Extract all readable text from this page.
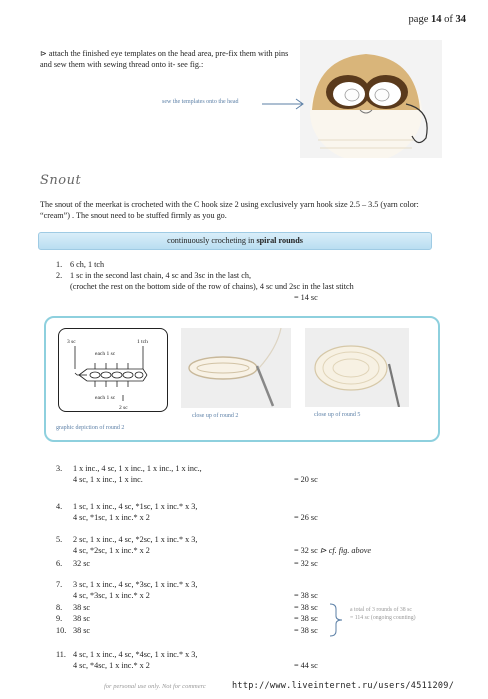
page 14 of 34
⊳ attach the finished eye templates on the head area, pre-fix them with pins and sew them with sewing thread onto it- see fig.:
sew the templates onto the head
Snout
The snout of the meerkat is crocheted with the C hook size 2 using exclusively yarn hook size 2.5 – 3.5 (yarn color: “cream”) . The snout need to be stuffed firmly as you go.
continuously crocheting in spiral rounds
1. 6 ch, 1 tch
2. 1 sc in the second last chain, 4 sc and 3sc in the last ch,
(crochet the rest on the bottom side of the row of chains), 4 sc und 2sc in the last stitch
= 14 sc
3 sc	1 tch
each 1 sc
each 1 sc
2 sc
graphic depiction of round 2
close up of round 2	close up of round 5
3. 1 x inc., 4 sc, 1 x inc., 1 x inc., 1 x inc.,
4 sc, 1 x inc., 1 x inc.	= 20 sc
4. 1 sc, 1 x inc., 4 sc, *1sc, 1 x inc.* x 3,
4 sc, *1sc, 1 x inc.* x 2	= 26 sc
5. 2 sc, 1 x inc., 4 sc, *2sc, 1 x inc.* x 3,
4 sc, *2sc, 1 x inc.* x 2	= 32 sc ⊳ cf. fig. above
6. 32 sc	= 32 sc
7. 3 sc, 1 x inc., 4 sc, *3sc, 1 x inc.* x 3,
4 sc, *3sc, 1 x inc.* x 2	= 38 sc
8. 38 sc	= 38 sc
9. 38 sc	= 38 sc
10. 38 sc	= 38 sc
11. 4 sc, 1 x inc., 4 sc, *4sc, 1 x inc.* x 3,
4 sc, *4sc, 1 x inc.* x 2	= 44 sc
a total of 3 rounds of 38 sc
= 114 sc (ongoing counting)
for personal use only. Not for commerc	http://www.liveinternet.ru/users/4511209/
